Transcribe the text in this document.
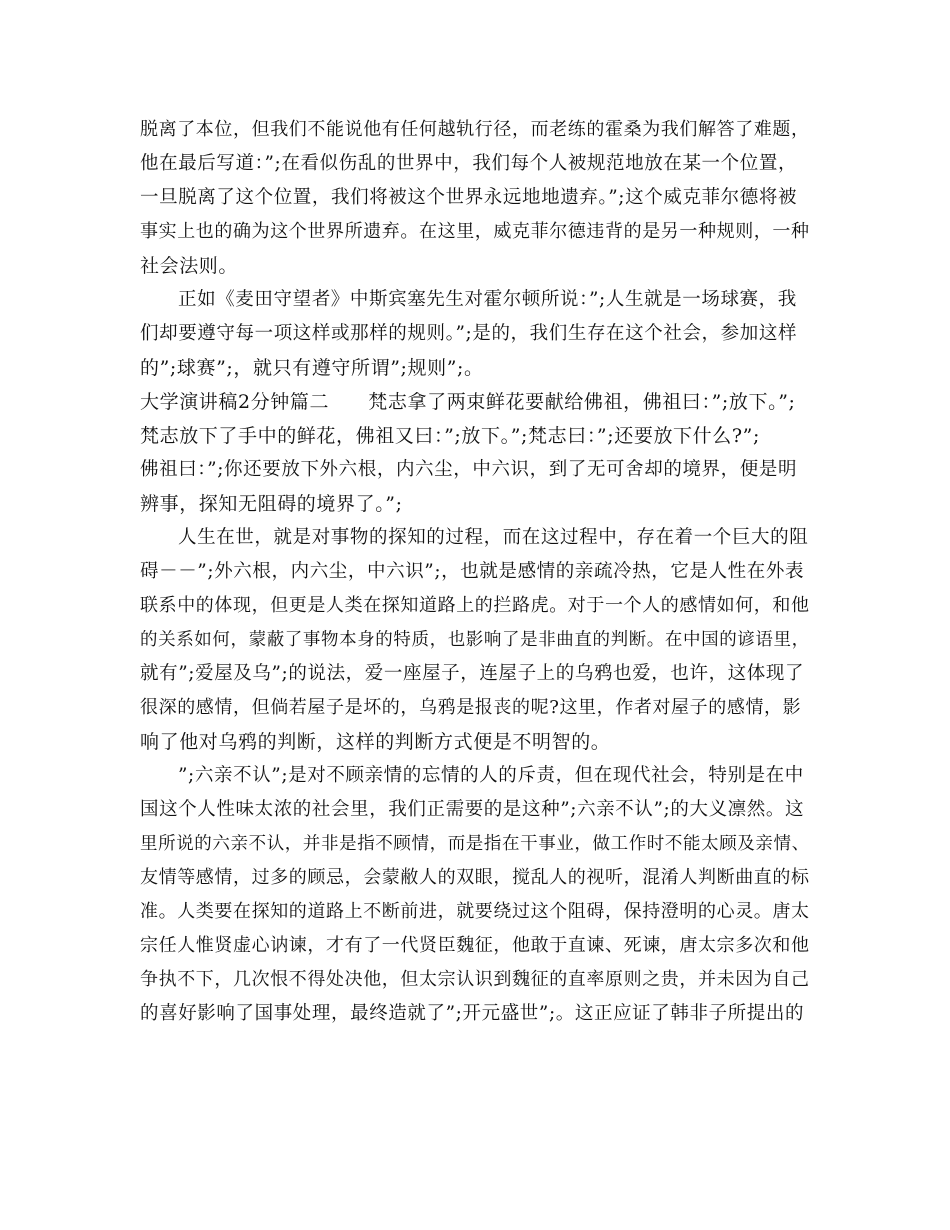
脱离了本位，但我们不能说他有任何越轨行径，而老练的霍桑为我们解答了难题，
他在最后写道：”;在看似伤乱的世界中，我们每个人被规范地放在某一个位置，
一旦脱离了这个位置，我们将被这个世界永远地地遗弃。”;这个威克菲尔德将被
事实上也的确为这个世界所遗弃。在这里，威克菲尔德违背的是另一种规则，一种
社会法则。
正如《麦田守望者》中斯宾塞先生对霍尔顿所说：”;人生就是一场球赛，我
们却要遵守每一项这样或那样的规则。”;是的，我们生存在这个社会，参加这样
的”;球赛”;，就只有遵守所谓”;规则”;。
大学演讲稿2分钟篇二　　梵志拿了两束鲜花要献给佛祖，佛祖曰：”;放下。”;
梵志放下了手中的鲜花，佛祖又曰：”;放下。”;梵志曰：”;还要放下什么?”;
佛祖曰：”;你还要放下外六根，内六尘，中六识，到了无可舍却的境界，便是明
辨事，探知无阻碍的境界了。”;
人生在世，就是对事物的探知的过程，而在这过程中，存在着一个巨大的阻
碍－－”;外六根，内六尘，中六识”;，也就是感情的亲疏冷热，它是人性在外表
联系中的体现，但更是人类在探知道路上的拦路虎。对于一个人的感情如何，和他
的关系如何，蒙蔽了事物本身的特质，也影响了是非曲直的判断。在中国的谚语里，
就有”;爱屋及乌”;的说法，爱一座屋子，连屋子上的乌鸦也爱，也许，这体现了
很深的感情，但倘若屋子是坏的，乌鸦是报丧的呢?这里，作者对屋子的感情，影
响了他对乌鸦的判断，这样的判断方式便是不明智的。
”;六亲不认”;是对不顾亲情的忘情的人的斥责，但在现代社会，特别是在中
国这个人性味太浓的社会里，我们正需要的是这种”;六亲不认”;的大义凛然。这
里所说的六亲不认，并非是指不顾情，而是指在干事业，做工作时不能太顾及亲情、
友情等感情，过多的顾忌，会蒙敝人的双眼，搅乱人的视听，混淆人判断曲直的标
准。人类要在探知的道路上不断前进，就要绕过这个阻碍，保持澄明的心灵。唐太
宗任人惟贤虚心讷谏，才有了一代贤臣魏征，他敢于直谏、死谏，唐太宗多次和他
争执不下，几次恨不得处决他，但太宗认识到魏征的直率原则之贵，并未因为自己
的喜好影响了国事处理，最终造就了”;开元盛世”;。这正应证了韩非子所提出的
